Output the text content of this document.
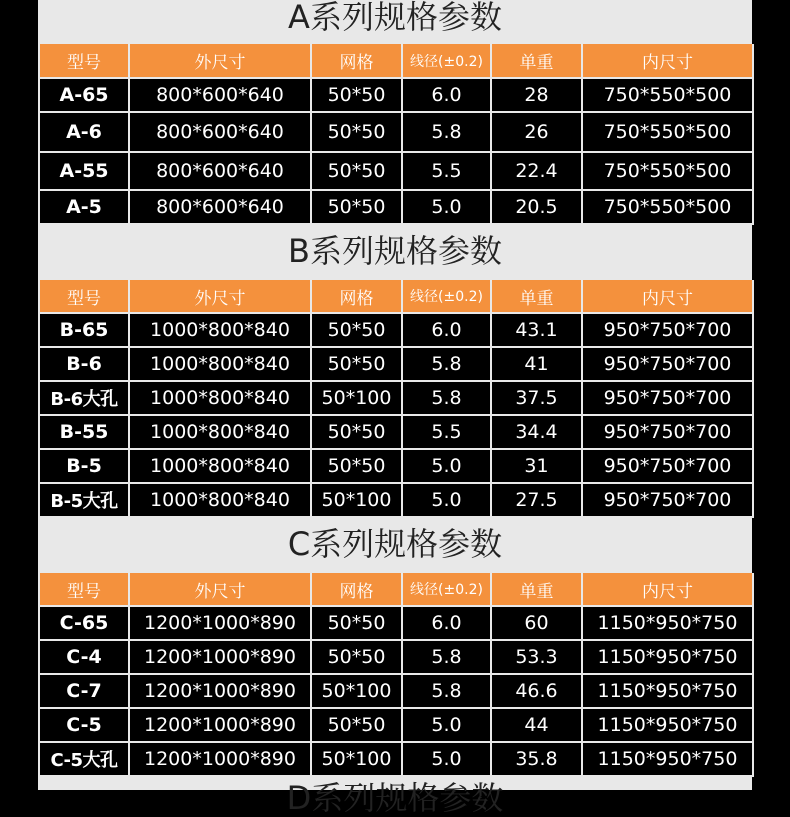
A系列规格参数
型号	外尺寸	网格	线径(±0.2)	单重	内尺寸
A-65	800*600*640	50*50	6.0	28	750*550*500
A-6	800*600*640	50*50	5.8	26	750*550*500
A-55	800*600*640	50*50	5.5	22.4	750*550*500
A-5	800*600*640	50*50	5.0	20.5	750*550*500
B系列规格参数
型号	外尺寸	网格	线径(±0.2)	单重	内尺寸
B-65	1000*800*840	50*50	6.0	43.1	950*750*700
B-6	1000*800*840	50*50	5.8	41	950*750*700
B-6大孔	1000*800*840	50*100	5.8	37.5	950*750*700
B-55	1000*800*840	50*50	5.5	34.4	950*750*700
B-5	1000*800*840	50*50	5.0	31	950*750*700
B-5大孔	1000*800*840	50*100	5.0	27.5	950*750*700
C系列规格参数
型号	外尺寸	网格	线径(±0.2)	单重	内尺寸
C-65	1200*1000*890	50*50	6.0	60	1150*950*750
C-4	1200*1000*890	50*50	5.8	53.3	1150*950*750
C-7	1200*1000*890	50*100	5.8	46.6	1150*950*750
C-5	1200*1000*890	50*50	5.0	44	1150*950*750
C-5大孔	1200*1000*890	50*100	5.0	35.8	1150*950*750
D系列规格参数
